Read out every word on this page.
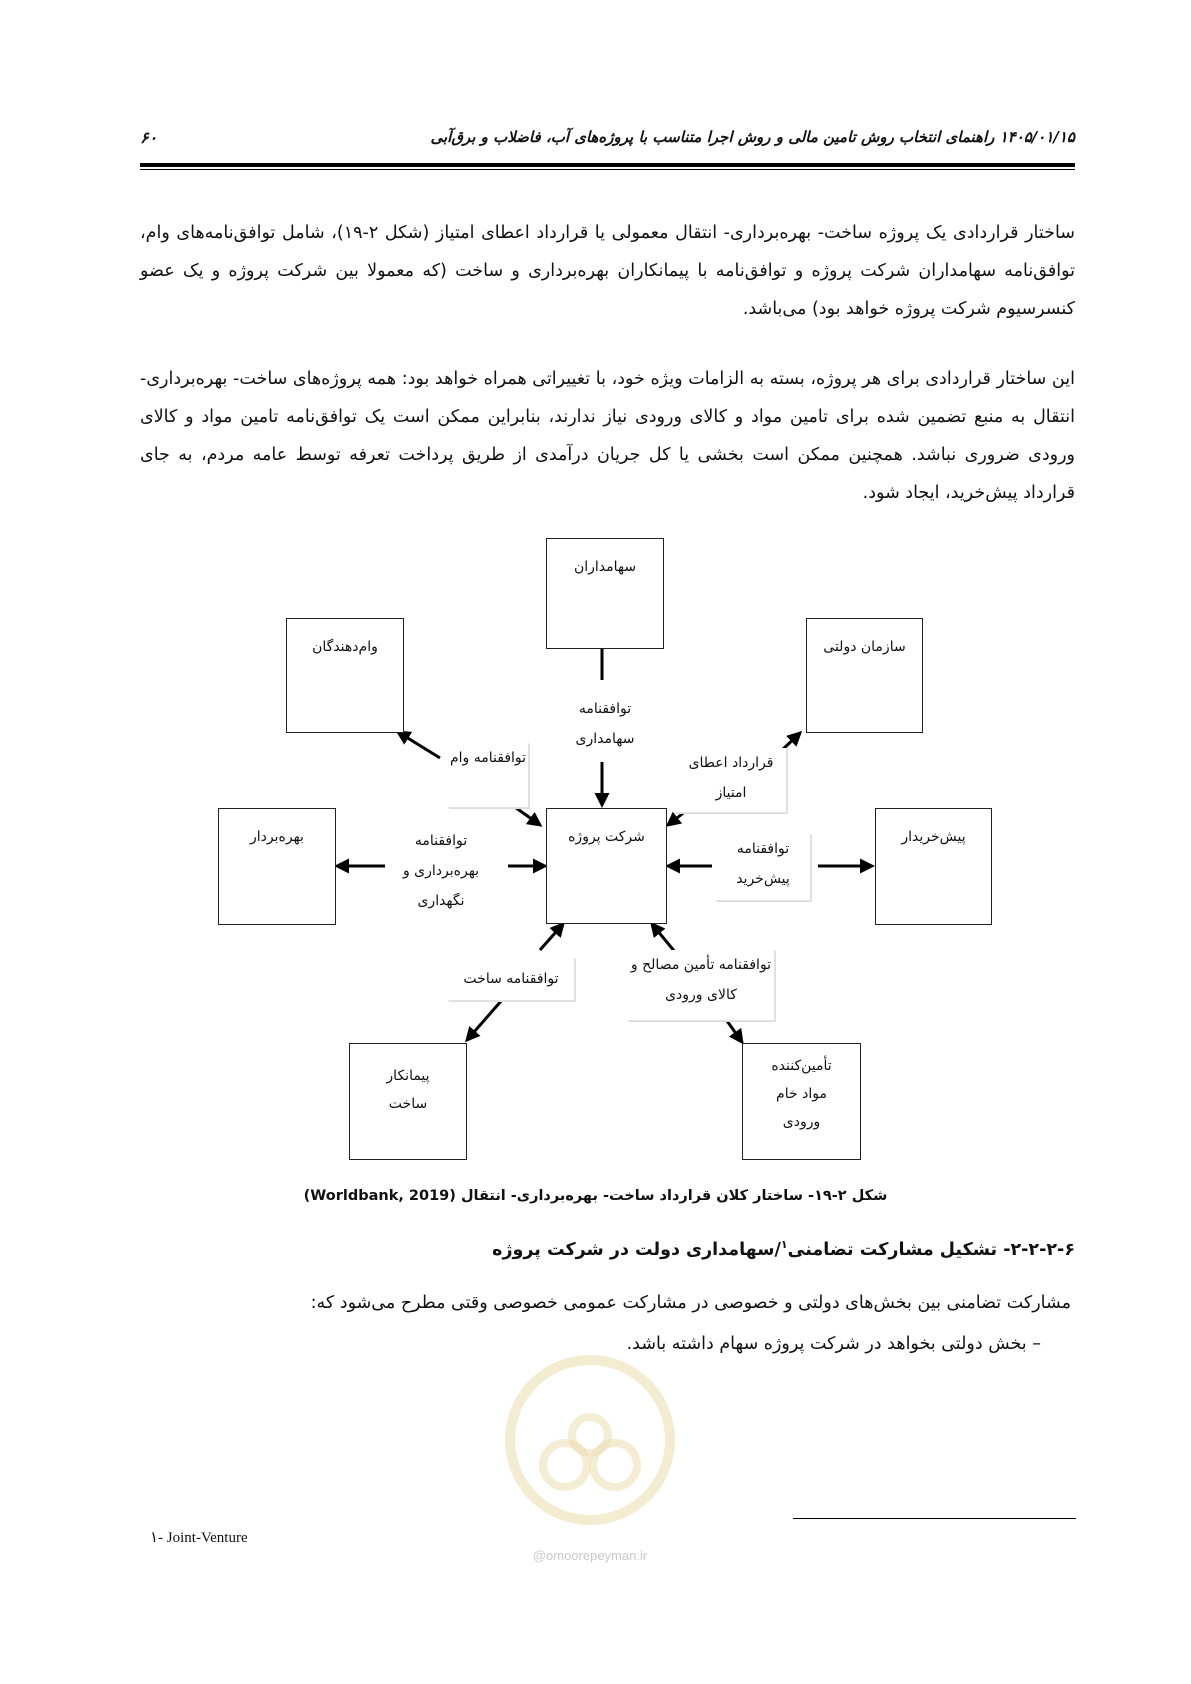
۶۰	۱۴۰۵/۰۱/۱۵ راهنمای انتخاب روش تامین مالی و روش اجرا متناسب با پروژه‌های آب، فاضلاب و برق‌آبی

ساختار قراردادی یک پروژه ساخت- بهره‌برداری- انتقال معمولی یا قرارداد اعطای امتیاز (شکل ۲-۱۹)، شامل توافق‌نامه‌های وام، توافق‌نامه سهامداران شرکت پروژه و توافق‌نامه با پیمانکاران بهره‌برداری و ساخت (که معمولا بین شرکت پروژه و یک عضو کنسرسیوم شرکت پروژه خواهد بود) می‌باشد.

این ساختار قراردادی برای هر پروژه، بسته به الزامات ویژه خود، با تغییراتی همراه خواهد بود: همه پروژه‌های ساخت- بهره‌برداری- انتقال به منبع تضمین شده برای تامین مواد و کالای ورودی نیاز ندارند، بنابراین ممکن است یک توافق‌نامه تامین مواد و کالای ورودی ضروری نباشد. همچنین ممکن است بخشی یا کل جریان درآمدی از طریق پرداخت تعرفه توسط عامه مردم، به جای قرارداد پیش‌خرید، ایجاد شود.

سهامداران
وام‌دهندگان	سازمان دولتی
بهره‌بردار	شرکت پروژه	پیش‌خریدار
پیمانکار ساخت
تأمین‌کننده مواد خام ورودی
توافقنامه سهامداری
توافقنامه وام	قرارداد اعطای امتیاز
توافقنامه بهره‌برداری و نگهداری
توافقنامه پیش‌خرید
توافقنامه ساخت
توافقنامه تأمین مصالح و کالای ورودی
شکل ۲-۱۹- ساختار کلان قرارداد ساخت- بهره‌برداری- انتقال (Worldbank, 2019)
۲-۲-۲-۶- تشکیل مشارکت تضامنی$^۱$/سهامداری دولت در شرکت پروژه
مشارکت تضامنی بین بخش‌های دولتی و خصوصی در مشارکت عمومی خصوصی وقتی مطرح می‌شود که:
– بخش دولتی بخواهد در شرکت پروژه سهام داشته باشد.
@omoorepeyman.ir
۱- Joint-Venture
